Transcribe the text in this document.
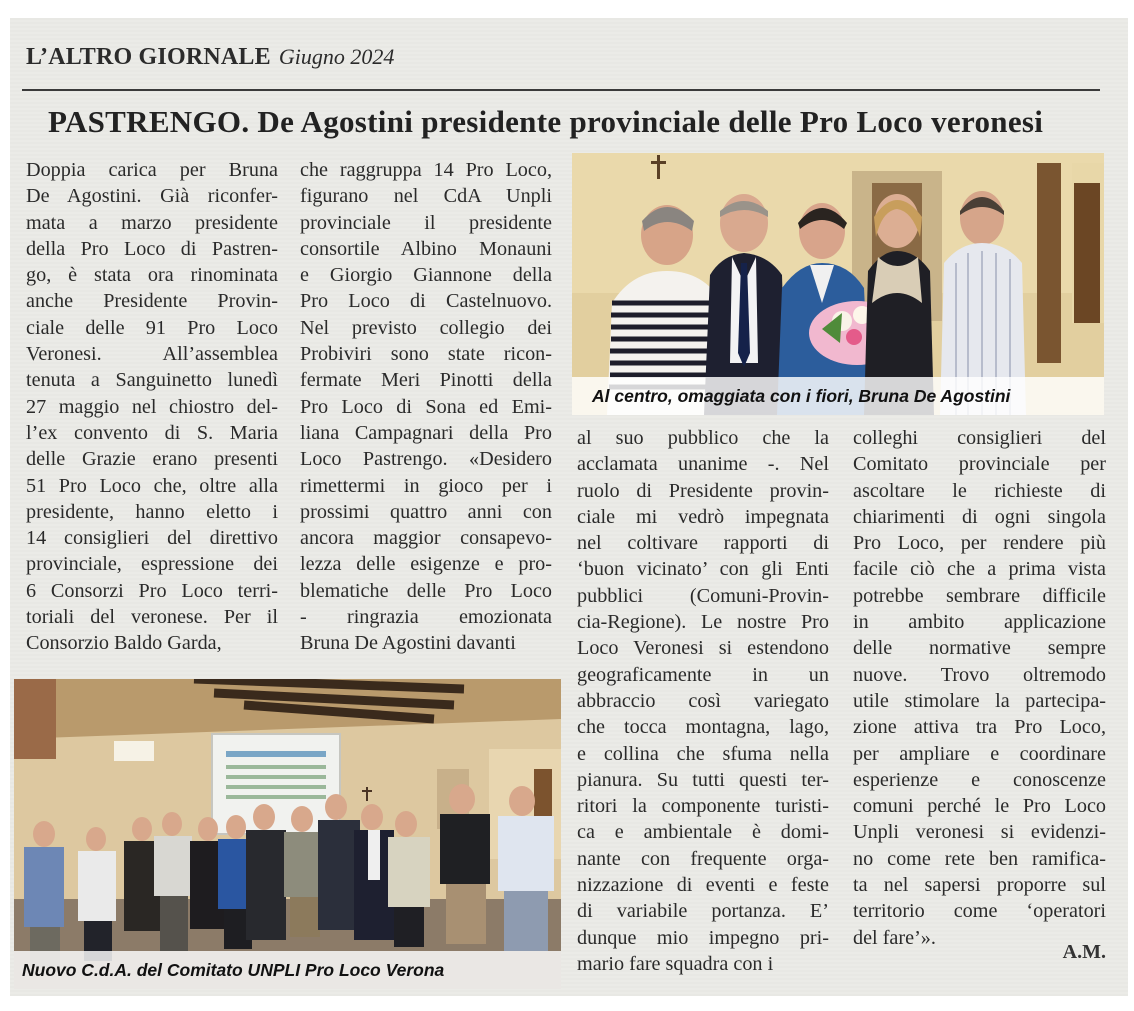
L’ALTRO GIORNALE Giugno 2024
PASTRENGO. De Agostini presidente provinciale delle Pro Loco veronesi
Doppia carica per Bruna
De Agostini. Già riconfer-
mata a marzo presidente
della Pro Loco di Pastren-
go, è stata ora rinominata
anche Presidente Provin-
ciale delle 91 Pro Loco
Veronesi. All’assemblea
tenuta a Sanguinetto lunedì
27 maggio nel chiostro del-
l’ex convento di S. Maria
delle Grazie erano presenti
51 Pro Loco che, oltre alla
presidente, hanno eletto i
14 consiglieri del direttivo
provinciale, espressione dei
6 Consorzi Pro Loco terri-
toriali del veronese. Per il
Consorzio Baldo Garda,
che raggruppa 14 Pro Loco,
figurano nel CdA Unpli
provinciale il presidente
consortile Albino Monauni
e Giorgio Giannone della
Pro Loco di Castelnuovo.
Nel previsto collegio dei
Probiviri sono state ricon-
fermate Meri Pinotti della
Pro Loco di Sona ed Emi-
liana Campagnari della Pro
Loco Pastrengo. «Desidero
rimettermi in gioco per i
prossimi quattro anni con
ancora maggior consapevo-
lezza delle esigenze e pro-
blematiche delle Pro Loco
- ringrazia emozionata
Bruna De Agostini davanti
al suo pubblico che la
acclamata unanime -. Nel
ruolo di Presidente provin-
ciale mi vedrò impegnata
nel coltivare rapporti di
‘buon vicinato’ con gli Enti
pubblici (Comuni-Provin-
cia-Regione). Le nostre Pro
Loco Veronesi si estendono
geograficamente in un
abbraccio così variegato
che tocca montagna, lago,
e collina che sfuma nella
pianura. Su tutti questi ter-
ritori la componente turisti-
ca e ambientale è domi-
nante con frequente orga-
nizzazione di eventi e feste
di variabile portanza. E’
dunque mio impegno pri-
mario fare squadra con i
colleghi consiglieri del
Comitato provinciale per
ascoltare le richieste di
chiarimenti di ogni singola
Pro Loco, per rendere più
facile ciò che a prima vista
potrebbe sembrare difficile
in ambito applicazione
delle normative sempre
nuove. Trovo oltremodo
utile stimolare la partecipa-
zione attiva tra Pro Loco,
per ampliare e coordinare
esperienze e conoscenze
comuni perché le Pro Loco
Unpli veronesi si evidenzi-
no come rete ben ramifica-
ta nel sapersi proporre sul
territorio come ‘operatori
del fare’».
A.M.
Al centro, omaggiata con i fiori, Bruna De Agostini
Nuovo C.d.A. del Comitato UNPLI Pro Loco Verona
